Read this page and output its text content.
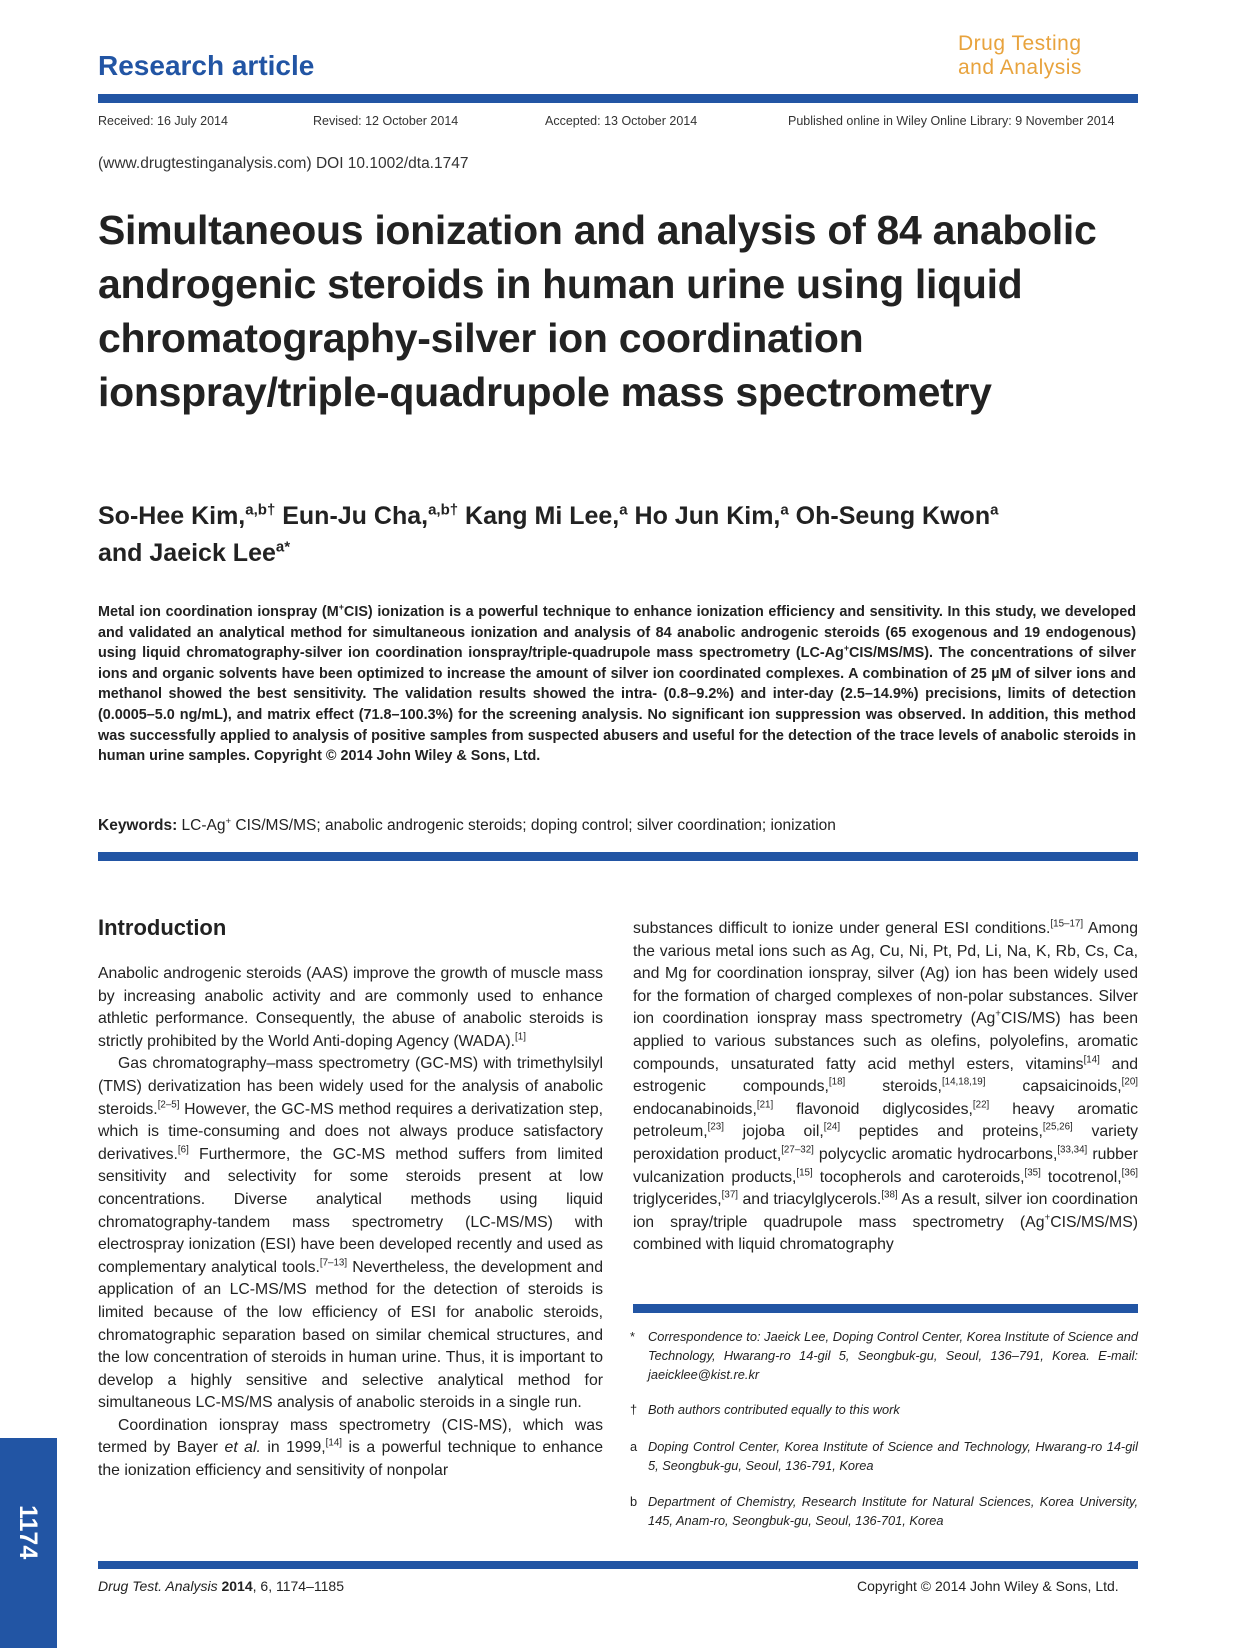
Research article
Drug Testing
and Analysis
Received: 16 July 2014	Revised: 12 October 2014	Accepted: 13 October 2014	Published online in Wiley Online Library: 9 November 2014
(www.drugtestinganalysis.com) DOI 10.1002/dta.1747
Simultaneous ionization and analysis of 84 anabolic androgenic steroids in human urine using liquid chromatography-silver ion coordination ionspray/triple-quadrupole mass spectrometry
So-Hee Kim,$^{a,b\dagger}$ Eun-Ju Cha,$^{a,b\dagger}$ Kang Mi Lee,$^a$ Ho Jun Kim,$^a$ Oh-Seung Kwon$^a$
and Jaeick Lee$^{a*}$
Metal ion coordination ionspray (M+CIS) ionization is a powerful technique to enhance ionization efficiency and sensitivity. In this study, we developed and validated an analytical method for simultaneous ionization and analysis of 84 anabolic androgenic steroids (65 exogenous and 19 endogenous) using liquid chromatography-silver ion coordination ionspray/triple-quadrupole mass spectrometry (LC-Ag+CIS/MS/MS). The concentrations of silver ions and organic solvents have been optimized to increase the amount of silver ion coordinated complexes. A combination of 25 µM of silver ions and methanol showed the best sensitivity. The validation results showed the intra- (0.8–9.2%) and inter-day (2.5–14.9%) precisions, limits of detection (0.0005–5.0 ng/mL), and matrix effect (71.8–100.3%) for the screening analysis. No significant ion suppression was observed. In addition, this method was successfully applied to analysis of positive samples from suspected abusers and useful for the detection of the trace levels of anabolic steroids in human urine samples. Copyright © 2014 John Wiley & Sons, Ltd.
Keywords: LC-Ag+ CIS/MS/MS; anabolic androgenic steroids; doping control; silver coordination; ionization
Introduction

Anabolic androgenic steroids (AAS) improve the growth of muscle mass by increasing anabolic activity and are commonly used to enhance athletic performance. Consequently, the abuse of anabolic steroids is strictly prohibited by the World Anti-doping Agency (WADA).[1]

Gas chromatography–mass spectrometry (GC-MS) with trimethylsilyl (TMS) derivatization has been widely used for the analysis of anabolic steroids.[2–5] However, the GC-MS method requires a derivatization step, which is time-consuming and does not always produce satisfactory derivatives.[6] Furthermore, the GC-MS method suffers from limited sensitivity and selectivity for some steroids present at low concentrations. Diverse analytical methods using liquid chromatography-tandem mass spectrometry (LC-MS/MS) with electrospray ionization (ESI) have been developed recently and used as complementary analytical tools.[7–13] Nevertheless, the development and application of an LC-MS/MS method for the detection of steroids is limited because of the low efficiency of ESI for anabolic steroids, chromatographic separation based on similar chemical structures, and the low concentration of steroids in human urine. Thus, it is important to develop a highly sensitive and selective analytical method for simultaneous LC-MS/MS analysis of anabolic steroids in a single run.

Coordination ionspray mass spectrometry (CIS-MS), which was termed by Bayer et al. in 1999,[14] is a powerful technique to enhance the ionization efficiency and sensitivity of nonpolar

substances difficult to ionize under general ESI conditions.[15–17] Among the various metal ions such as Ag, Cu, Ni, Pt, Pd, Li, Na, K, Rb, Cs, Ca, and Mg for coordination ionspray, silver (Ag) ion has been widely used for the formation of charged complexes of non-polar substances. Silver ion coordination ionspray mass spectrometry (Ag+CIS/MS) has been applied to various substances such as olefins, polyolefins, aromatic compounds, unsaturated fatty acid methyl esters, vitamins[14] and estrogenic compounds,[18] steroids,[14,18,19] capsaicinoids,[20] endocanabinoids,[21] flavonoid diglycosides,[22] heavy aromatic petroleum,[23] jojoba oil,[24] peptides and proteins,[25,26] variety peroxidation product,[27–32] polycyclic aromatic hydrocarbons,[33,34] rubber vulcanization products,[15] tocopherols and caroteroids,[35] tocotrenol,[36] triglycerides,[37] and triacylglycerols.[38] As a result, silver ion coordination ion spray/triple quadrupole mass spectrometry (Ag+CIS/MS/MS) combined with liquid chromatography

* Correspondence to: Jaeick Lee, Doping Control Center, Korea Institute of Science and Technology, Hwarang-ro 14-gil 5, Seongbuk-gu, Seoul, 136–791, Korea. E-mail: jaeicklee@kist.re.kr
† Both authors contributed equally to this work
a Doping Control Center, Korea Institute of Science and Technology, Hwarang-ro 14-gil 5, Seongbuk-gu, Seoul, 136-791, Korea
b Department of Chemistry, Research Institute for Natural Sciences, Korea University, 145, Anam-ro, Seongbuk-gu, Seoul, 136-701, Korea
1174
Drug Test. Analysis 2014, 6, 1174–1185	Copyright © 2014 John Wiley & Sons, Ltd.
